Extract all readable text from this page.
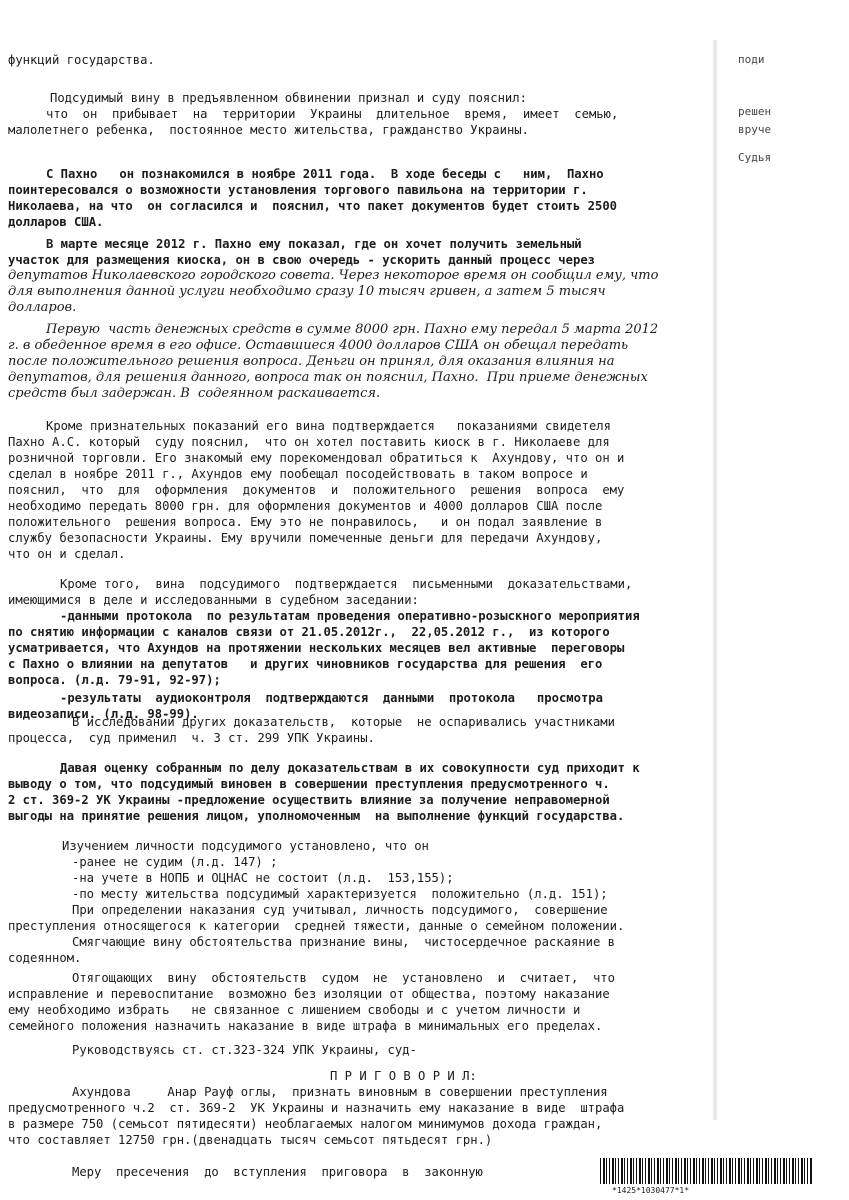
функций государства.
Подсудимый вину в предъявленном обвинении признал и суду пояснил:
что  он  прибывает  на  территории  Украины  длительное  время,  имеет  семью,
малолетнего ребенка,  постоянное место жительства, гражданство Украины.
С Пахно   он познакомился в ноябре 2011 года.  В ходе беседы с   ним,  Пахно
поинтересовался о возможности установления торгового павильона на территории г.
Николаева, на что  он согласился и  пояснил, что пакет документов будет стоить 2500
долларов США.
В марте месяце 2012 г. Пахно ему показал, где он хочет получить земельный
участок для размещения киоска, он в свою очередь - ускорить данный процесс через
депутатов Николаевского городского совета. Через некоторое время он сообщил ему, что
для выполнения данной услуги необходимо сразу 10 тысяч гривен, а затем 5 тысяч
долларов.
Первую  часть денежных средств в сумме 8000 грн. Пахно ему передал 5 марта 2012
г. в обеденное время в его офисе. Оставшиеся 4000 долларов США он обещал передать
после положительного решения вопроса. Деньги он принял, для оказания влияния на
депутатов, для решения данного, вопроса так он пояснил, Пахно.  При приеме денежных
средств был задержан. В  содеянном раскаивается.
Кроме признательных показаний его вина подтверждается   показаниями свидетеля
Пахно А.С. который  суду пояснил,  что он хотел поставить киоск в г. Николаеве для
розничной торговли. Его знакомый ему порекомендовал обратиться к  Ахундову, что он и
сделал в ноябре 2011 г., Ахундов ему пообещал посодействовать в таком вопросе и
пояснил,  что  для  оформления  документов  и  положительного  решения  вопроса  ему
необходимо передать 8000 грн. для оформления документов и 4000 долларов США после
положительного  решения вопроса. Ему это не понравилось,   и он подал заявление в
службу безопасности Украины. Ему вручили помеченные деньги для передачи Ахундову,
что он и сделал.
Кроме того,  вина  подсудимого  подтверждается  письменными  доказательствами,
имеющимися в деле и исследованными в судебном заседании:
-данными протокола  по результатам проведения оперативно-розыскного мероприятия
по снятию информации с каналов связи от 21.05.2012г.,  22,05.2012 г.,  из которого
усматривается, что Ахундов на протяжении нескольких месяцев вел активные  переговоры
с Пахно о влиянии на депутатов   и других чиновников государства для решения  его
вопроса. (л.д. 79-91, 92-97);
-результаты  аудиоконтроля  подтверждаются  данными  протокола   просмотра
видеозаписи. (л.д. 98-99).
В исследовании других доказательств,  которые  не оспаривались участниками
процесса,  суд применил  ч. 3 ст. 299 УПК Украины.
Давая оценку собранным по делу доказательствам в их совокупности суд приходит к
выводу о том, что подсудимый виновен в совершении преступления предусмотренного ч.
2 ст. 369-2 УК Украины -предложение осуществить влияние за получение неправомерной
выгоды на принятие решения лицом, уполномоченным  на выполнение функций государства.
Изучением личности подсудимого установлено, что он
-ранее не судим (л.д. 147) ;
-на учете в НОПБ и ОЦНАС не состоит (л.д.  153,155);
-по месту жительства подсудимый характеризуется  положительно (л.д. 151);
При определении наказания суд учитывал, личность подсудимого,  совершение
преступления относящегося к категории  средней тяжести, данные о семейном положении.
Смягчающие вину обстоятельства признание вины,  чистосердечное раскаяние в
содеянном.
Отягощающих  вину  обстоятельств  судом  не  установлено  и  считает,  что
исправление и перевоспитание  возможно без изоляции от общества, поэтому наказание
ему необходимо избрать   не связанное с лишением свободы и с учетом личности и
семейного положения назначить наказание в виде штрафа в минимальных его пределах.
Руководствуясь ст. ст.323-324 УПК Украины, суд-
П Р И Г О В О Р И Л:
Ахундова     Анар Рауф оглы,  признать виновным в совершении преступления
предусмотренного ч.2  ст. 369-2  УК Украины и назначить ему наказание в виде  штрафа
в размере 750 (семьсот пятидесяти) необлагаемых налогом минимумов дохода граждан,
что составляет 12750 грн.(двенадцать тысяч семьсот пятьдесят грн.)
Меру  пресечения  до  вступления  приговора  в  законную
поди
решен
вруче
Судья
*1425*1030477*1*
